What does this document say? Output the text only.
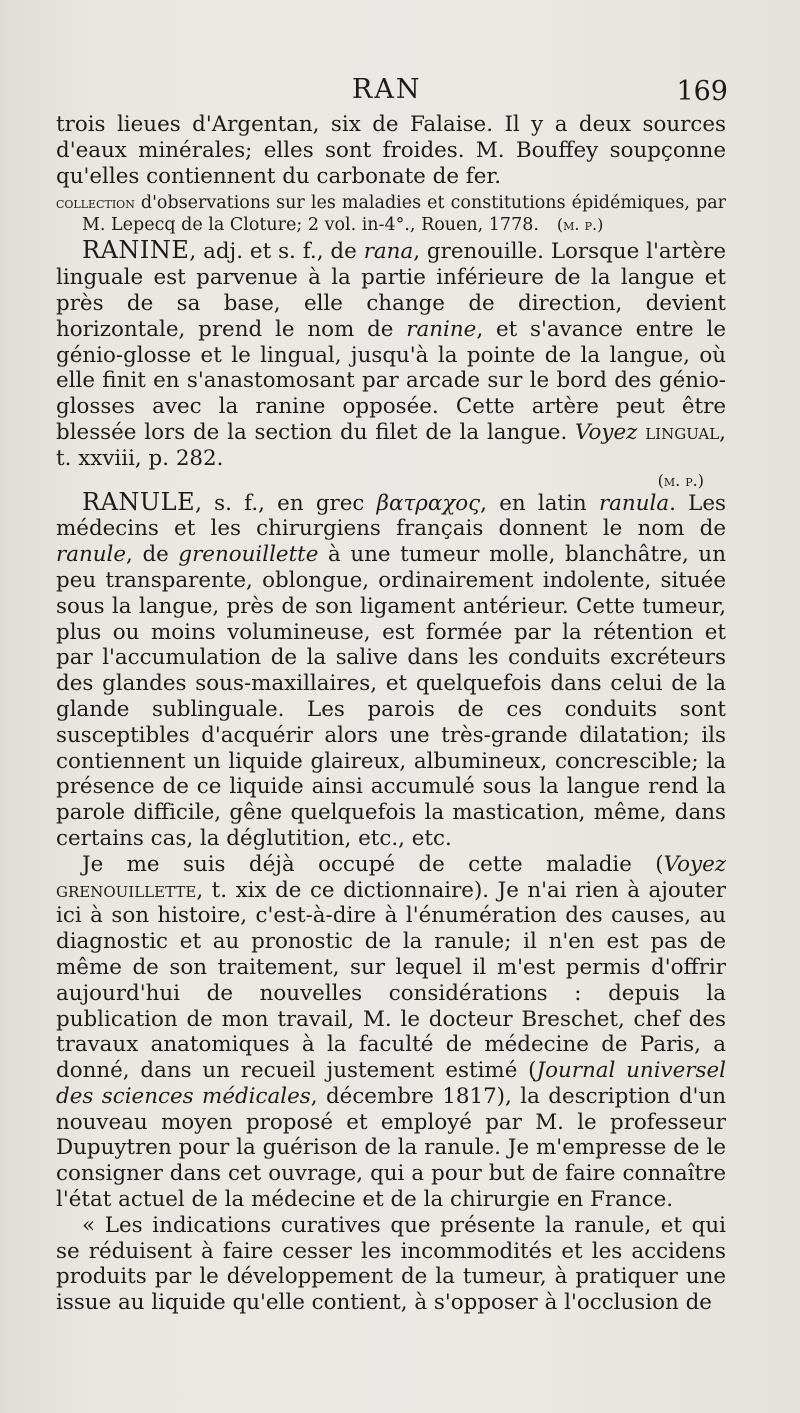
RAN	169

trois lieues d'Argentan, six de Falaise. Il y a deux sources d'eaux minérales; elles sont froides. M. Bouffey soupçonne qu'elles contiennent du carbonate de fer.

collection d'observations sur les maladies et constitutions épidémiques, par M. Lepecq de la Cloture; 2 vol. in-4°., Rouen, 1778. (m. p.)

RANINE, adj. et s. f., de rana, grenouille. Lorsque l'artère linguale est parvenue à la partie inférieure de la langue et près de sa base, elle change de direction, devient horizontale, prend le nom de ranine, et s'avance entre le génio-glosse et le lingual, jusqu'à la pointe de la langue, où elle finit en s'anastomosant par arcade sur le bord des génio-glosses avec la ranine opposée. Cette artère peut être blessée lors de la section du filet de la langue. Voyez lingual, t. xxviii, p. 282.

(m. p.)

RANULE, s. f., en grec βατραχος, en latin ranula. Les médecins et les chirurgiens français donnent le nom de ranule, de grenouillette à une tumeur molle, blanchâtre, un peu transparente, oblongue, ordinairement indolente, située sous la langue, près de son ligament antérieur. Cette tumeur, plus ou moins volumineuse, est formée par la rétention et par l'accumulation de la salive dans les conduits excréteurs des glandes sous-maxillaires, et quelquefois dans celui de la glande sublinguale. Les parois de ces conduits sont susceptibles d'acquérir alors une très-grande dilatation; ils contiennent un liquide glaireux, albumineux, concrescible; la présence de ce liquide ainsi accumulé sous la langue rend la parole difficile, gêne quelquefois la mastication, même, dans certains cas, la déglutition, etc., etc.

Je me suis déjà occupé de cette maladie (Voyez grenouillette, t. xix de ce dictionnaire). Je n'ai rien à ajouter ici à son histoire, c'est-à-dire à l'énumération des causes, au diagnostic et au pronostic de la ranule; il n'en est pas de même de son traitement, sur lequel il m'est permis d'offrir aujourd'hui de nouvelles considérations : depuis la publication de mon travail, M. le docteur Breschet, chef des travaux anatomiques à la faculté de médecine de Paris, a donné, dans un recueil justement estimé (Journal universel des sciences médicales, décembre 1817), la description d'un nouveau moyen proposé et employé par M. le professeur Dupuytren pour la guérison de la ranule. Je m'empresse de le consigner dans cet ouvrage, qui a pour but de faire connaître l'état actuel de la médecine et de la chirurgie en France.

« Les indications curatives que présente la ranule, et qui se réduisent à faire cesser les incommodités et les accidens produits par le développement de la tumeur, à pratiquer une issue au liquide qu'elle contient, à s'opposer à l'occlusion de
